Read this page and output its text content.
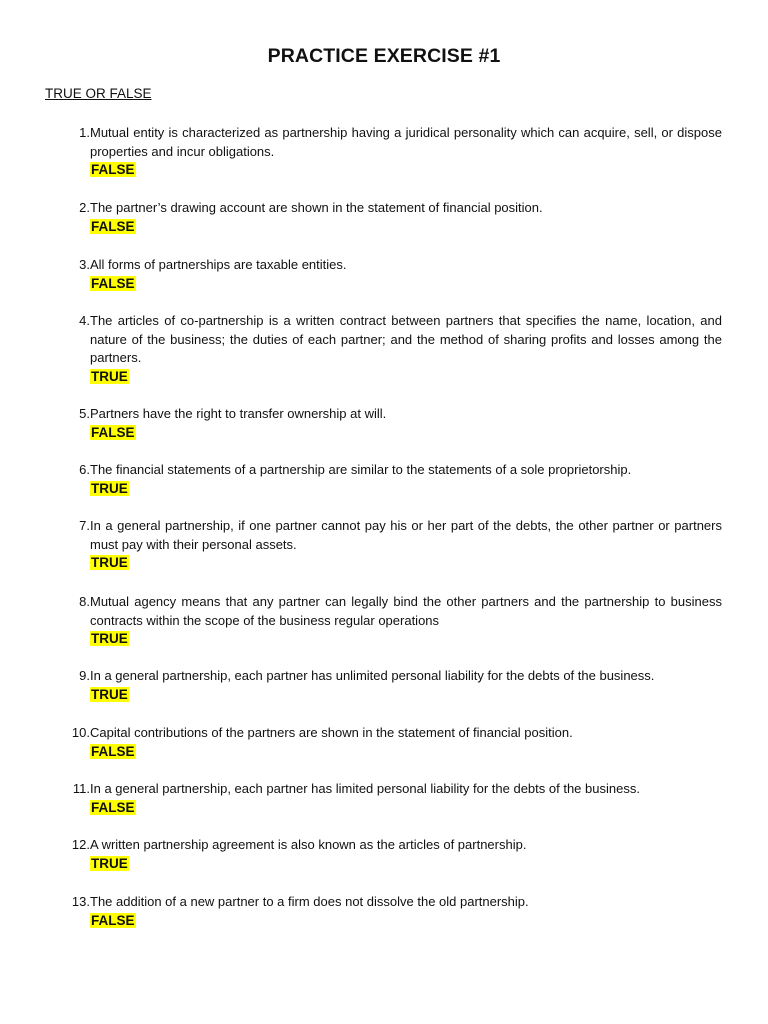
PRACTICE EXERCISE #1
TRUE OR FALSE
1. Mutual entity is characterized as partnership having a juridical personality which can acquire, sell, or dispose properties and incur obligations.
FALSE
2. The partner’s drawing account are shown in the statement of financial position.
FALSE
3. All forms of partnerships are taxable entities.
FALSE
4. The articles of co-partnership is a written contract between partners that specifies the name, location, and nature of the business; the duties of each partner; and the method of sharing profits and losses among the partners.
TRUE
5. Partners have the right to transfer ownership at will.
FALSE
6. The financial statements of a partnership are similar to the statements of a sole proprietorship.
TRUE
7. In a general partnership, if one partner cannot pay his or her part of the debts, the other partner or partners must pay with their personal assets.
TRUE
8. Mutual agency means that any partner can legally bind the other partners and the partnership to business contracts within the scope of the business regular operations
TRUE
9. In a general partnership, each partner has unlimited personal liability for the debts of the business.
TRUE
10. Capital contributions of the partners are shown in the statement of financial position.
FALSE
11. In a general partnership, each partner has limited personal liability for the debts of the business.
FALSE
12. A written partnership agreement is also known as the articles of partnership.
TRUE
13. The addition of a new partner to a firm does not dissolve the old partnership.
FALSE
